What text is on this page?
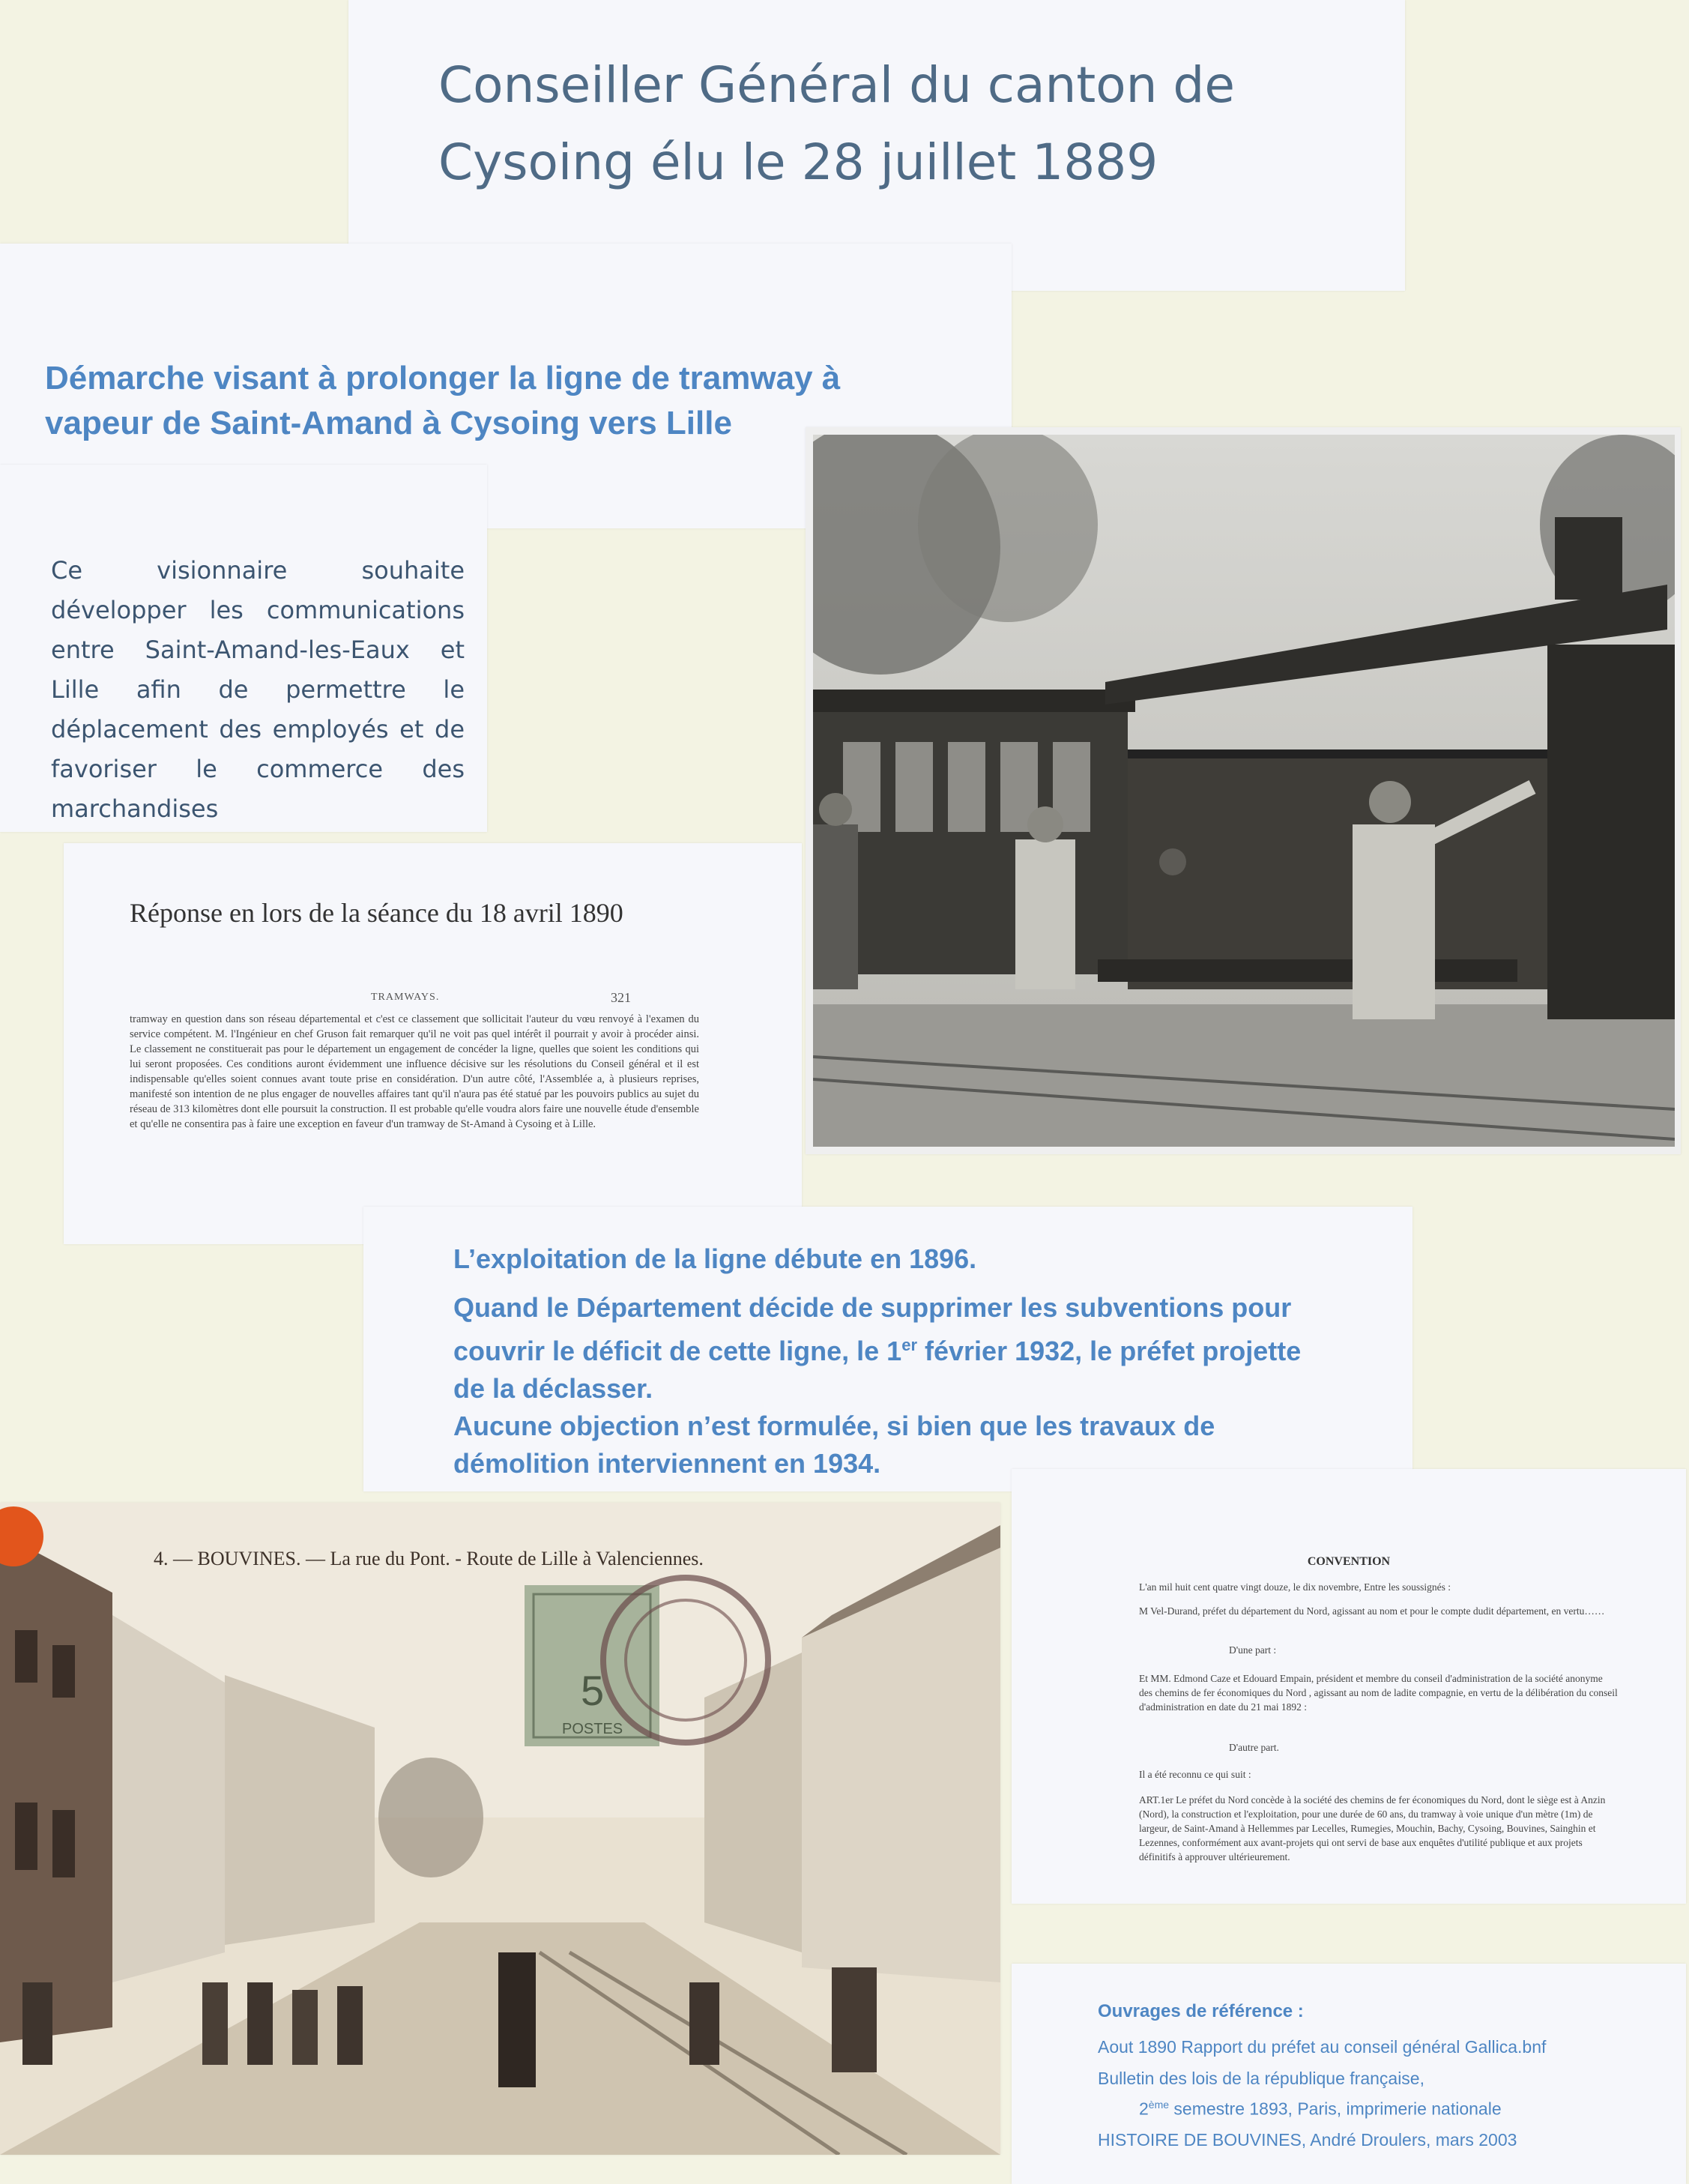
Conseiller Général du canton de
Cysoing élu le 28 juillet 1889
Démarche visant à prolonger la ligne de tramway à
vapeur de Saint-Amand à Cysoing vers Lille

Ce visionnaire souhaite développer les communications entre Saint-Amand-les-Eaux et Lille afin de permettre le déplacement des employés et de favoriser le commerce des marchandises

Réponse en lors de la séance du 18 avril 1890
TRAMWAYS.	321

tramway en question dans son réseau départemental et c'est ce classement que sollicitait l'auteur du vœu renvoyé à l'examen du service compétent. M. l'Ingénieur en chef Gruson fait remarquer qu'il ne voit pas quel intérêt il pourrait y avoir à procéder ainsi. Le classement ne constituerait pas pour le département un engagement de concéder la ligne, quelles que soient les conditions qui lui seront proposées. Ces conditions auront évidemment une influence décisive sur les résolutions du Conseil général et il est indispensable qu'elles soient connues avant toute prise en considération. D'un autre côté, l'Assemblée a, à plusieurs reprises, manifesté son intention de ne plus engager de nouvelles affaires tant qu'il n'aura pas été statué par les pouvoirs publics au sujet du réseau de 313 kilomètres dont elle poursuit la construction. Il est probable qu'elle voudra alors faire une nouvelle étude d'ensemble et qu'elle ne consentira pas à faire une exception en faveur d'un tramway de St-Amand à Cysoing et à Lille.

L’exploitation de la ligne débute en 1896.

Quand le Département décide de supprimer les subventions pour couvrir le déficit de cette ligne, le 1er février 1932, le préfet projette de la déclasser.

Aucune objection n’est formulée, si bien que les travaux de démolition interviennent en 1934.

5
POSTES
4. — BOUVINES. — La rue du Pont. - Route de Lille à Valenciennes.	CONVENTION

L'an mil huit cent quatre vingt douze, le dix novembre, Entre les soussignés :

M Vel-Durand, préfet du département du Nord, agissant au nom et pour le compte dudit département, en vertu……

D'une part :

Et MM. Edmond Caze et Edouard Empain, président et membre du conseil d'administration de la société anonyme des chemins de fer économiques du Nord , agissant au nom de ladite compagnie, en vertu de la délibération du conseil d'administration en date du 21 mai 1892 :

D'autre part.

Il a été reconnu ce qui suit :

ART.1er Le préfet du Nord concède à la société des chemins de fer économiques du Nord, dont le siège est à Anzin (Nord), la construction et l'exploitation, pour une durée de 60 ans, du tramway à voie unique d'un mètre (1m) de largeur, de Saint-Amand à Hellemmes par Lecelles, Rumegies, Mouchin, Bachy, Cysoing, Bouvines, Sainghin et Lezennes, conformément aux avant-projets qui ont servi de base aux enquêtes d'utilité publique et aux projets définitifs à approuver ultérieurement.

Ouvrages de référence :
Aout 1890 Rapport du préfet au conseil général Gallica.bnf
Bulletin des lois de la république française,
2ème semestre 1893, Paris, imprimerie nationale
HISTOIRE DE BOUVINES, André Droulers, mars 2003
